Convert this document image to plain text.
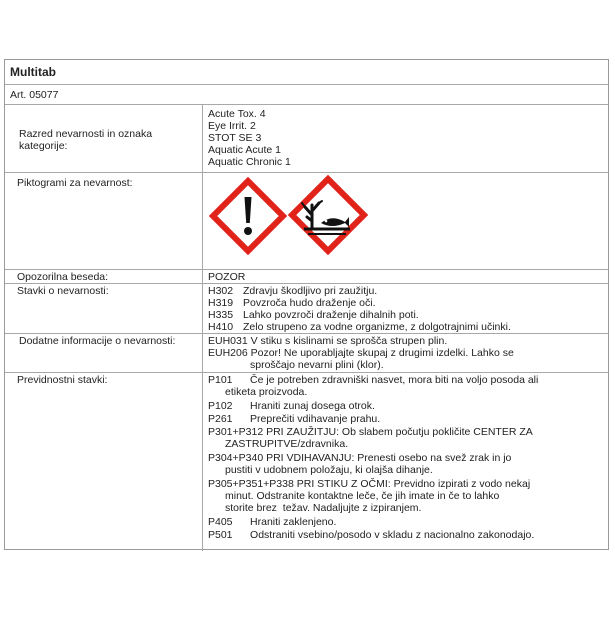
Multitab
Art. 05077
Razred nevarnosti in oznaka
kategorije:
Acute Tox. 4
Eye Irrit. 2
STOT SE 3
Aquatic Acute 1
Aquatic Chronic 1
Piktogrami za nevarnost:
Opozorilna beseda:	POZOR
Stavki o nevarnosti:	H302 Zdravju škodljivo pri zaužitju.
H319 Povzroča hudo draženje oči.
H335 Lahko povzroči draženje dihalnih poti.
H410 Zelo strupeno za vodne organizme, z dolgotrajnimi učinki.
Dodatne informacije o nevarnosti:	EUH031 V stiku s kislinami se sprošča strupen plin.
EUH206 Pozor! Ne uporabljajte skupaj z drugimi izdelki. Lahko se
sproščajo nevarni plini (klor).
Previdnostni stavki:

	P101      Če je potreben zdravniški nasvet, mora biti na voljo posoda ali

etiketa proizvoda.

P102      Hraniti zunaj dosega otrok.

P261      Preprečiti vdihavanje prahu.

P301+P312 PRI ZAUŽITJU: Ob slabem počutju pokličite CENTER ZA

ZASTRUPITVE/zdravnika.

P304+P340 PRI VDIHAVANJU: Prenesti osebo na svež zrak in jo

pustiti v udobnem položaju, ki olajša dihanje.

P305+P351+P338 PRI STIKU Z OČMI: Previdno izpirati z vodo nekaj

minut. Odstranite kontaktne leče, če jih imate in če to lahko

storite brez  težav. Nadaljujte z izpiranjem.

P405      Hraniti zaklenjeno.

P501      Odstraniti vsebino/posodo v skladu z nacionalno zakonodajo.
